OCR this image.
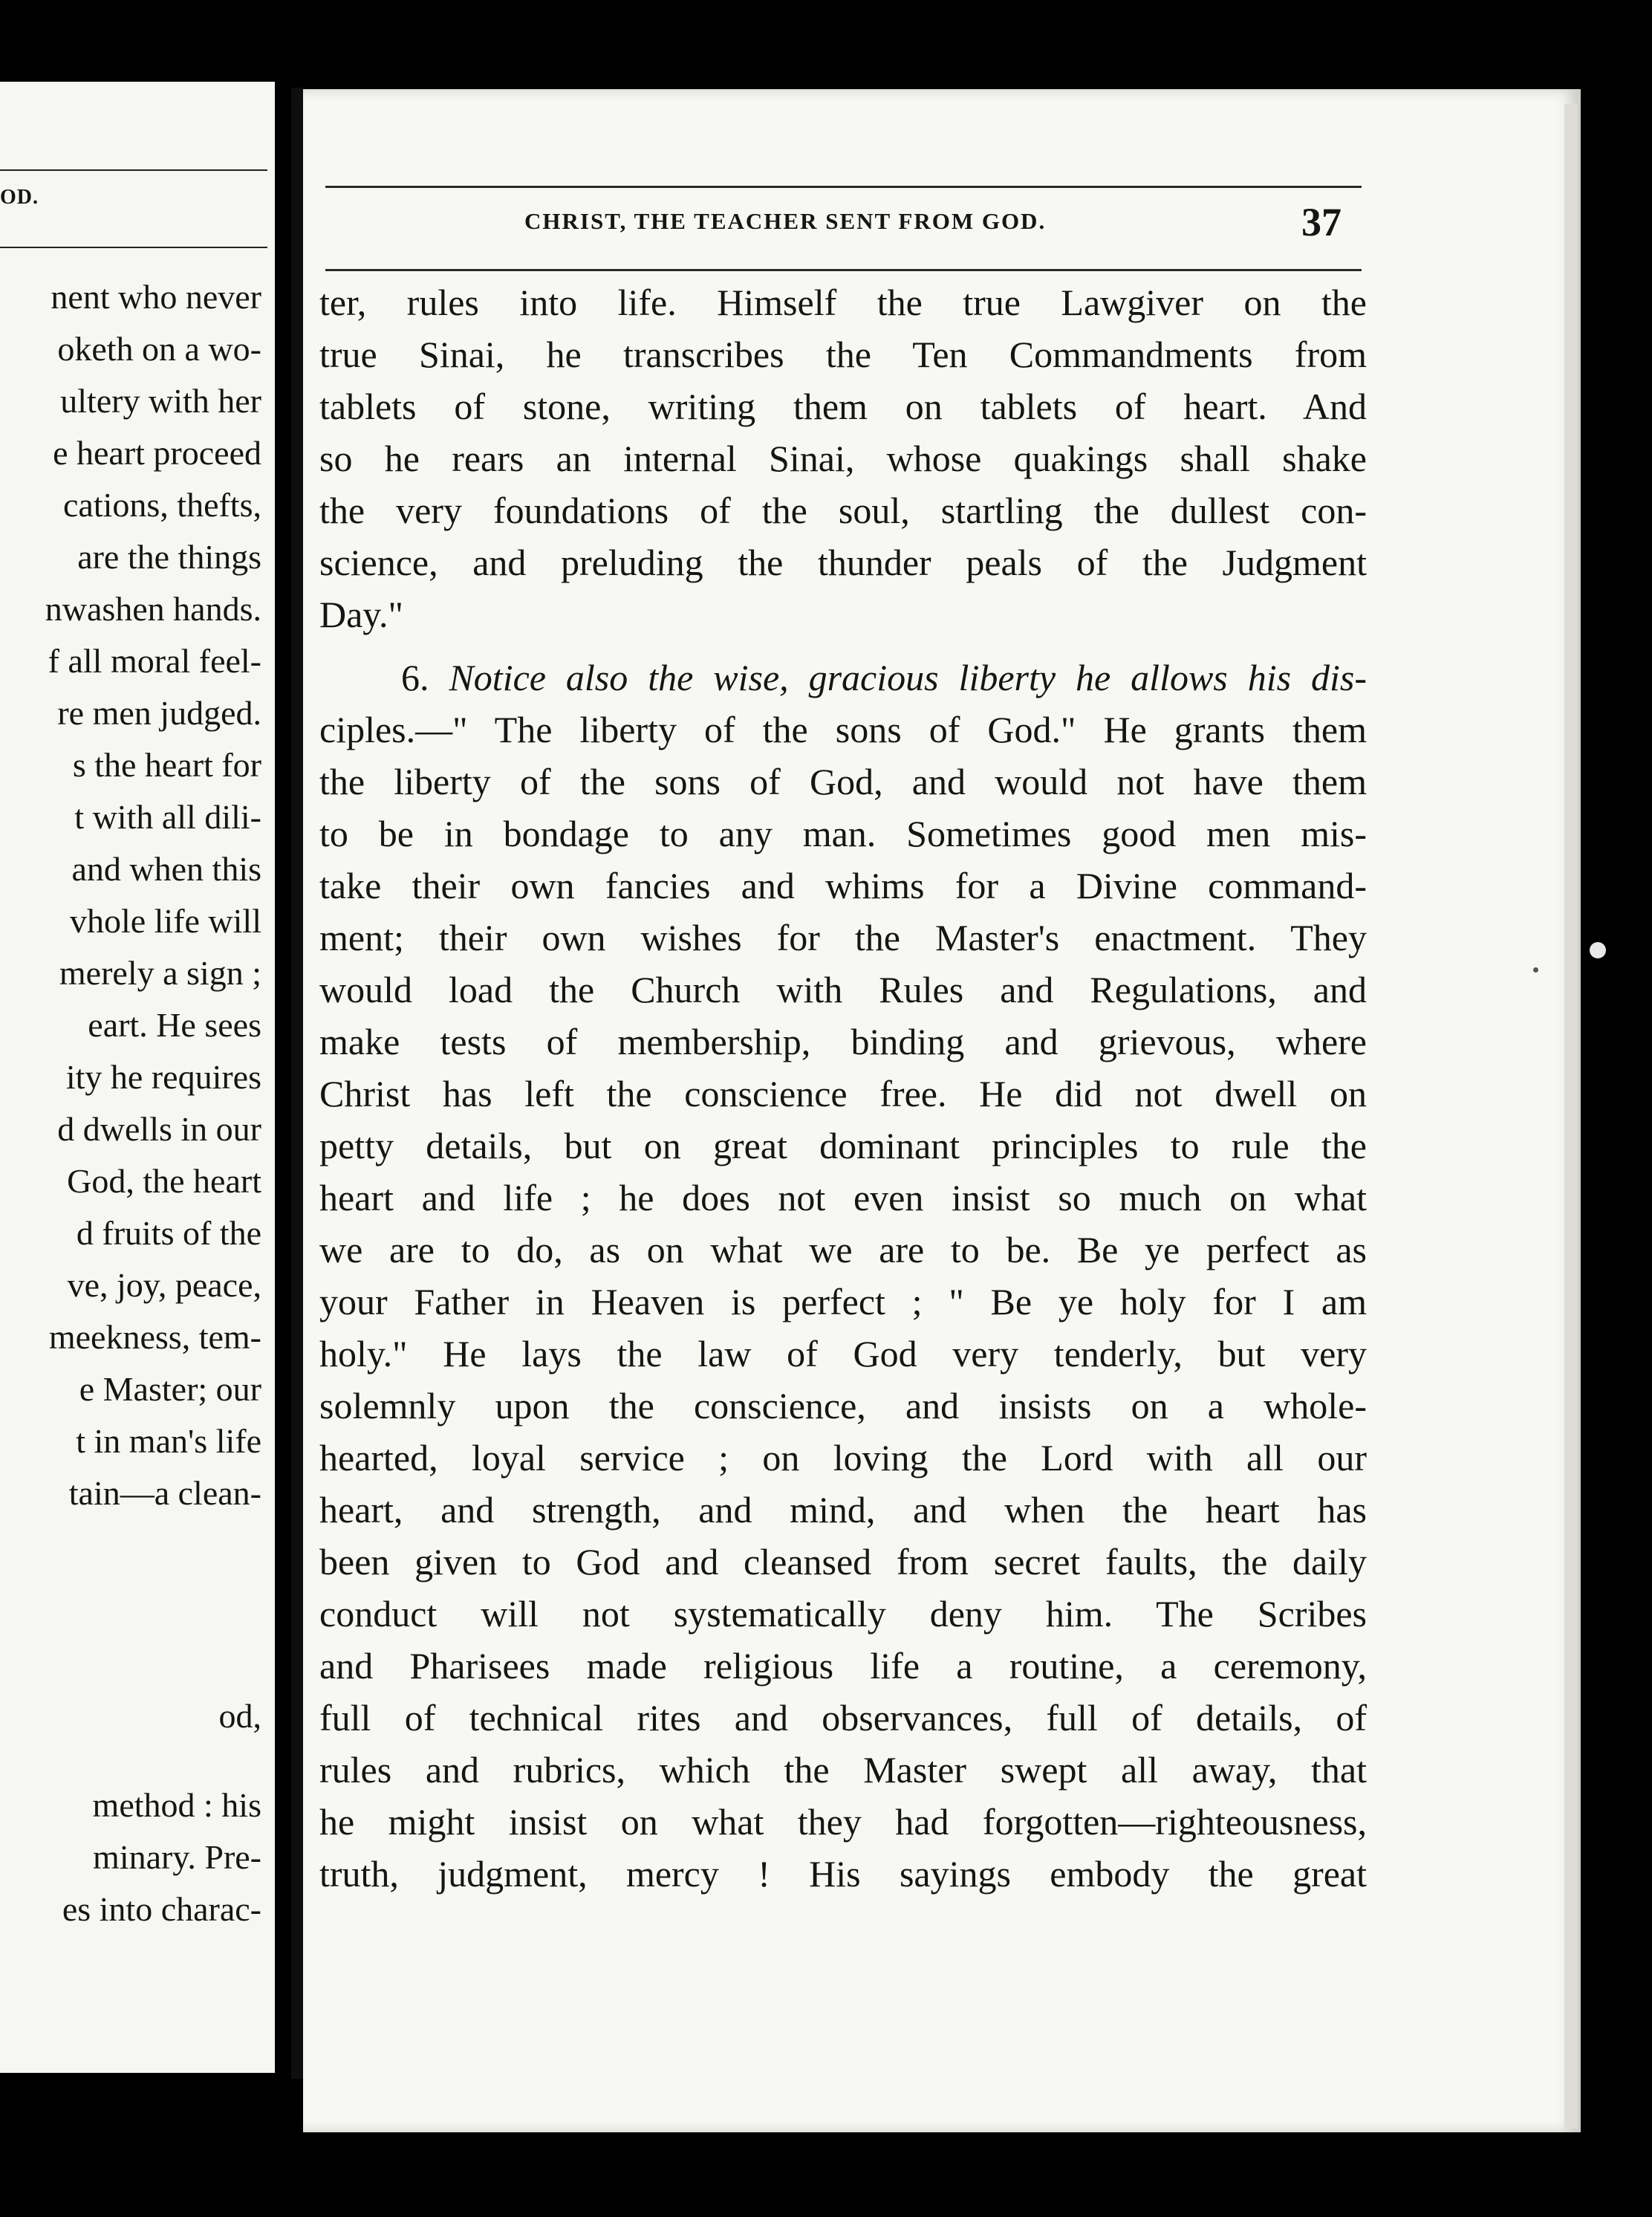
OD.
nent who never
oketh on a wo-
ultery with her
e heart proceed
cations, thefts,
are the things
nwashen hands.
f all moral feel-
re men judged.
s the heart for
t with all dili-
and when this
vhole life will
merely a sign ;
eart. He sees
ity he requires
d dwells in our
God, the heart
d fruits of the
ve, joy, peace,
meekness, tem-
e Master; our
t in man's life
tain—a clean-
od,
method : his
minary. Pre-
es into charac-
CHRIST, THE TEACHER SENT FROM GOD.	37
ter, rules into life. Himself the true Lawgiver on the
true Sinai, he transcribes the Ten Commandments from
tablets of stone, writing them on tablets of heart. And
so he rears an internal Sinai, whose quakings shall shake
the very foundations of the soul, startling the dullest con-
science, and preluding the thunder peals of the Judgment
Day."
6. Notice also the wise, gracious liberty he allows his dis-
ciples.—" The liberty of the sons of God." He grants them
the liberty of the sons of God, and would not have them
to be in bondage to any man. Sometimes good men mis-
take their own fancies and whims for a Divine command-
ment; their own wishes for the Master's enactment. They
would load the Church with Rules and Regulations, and
make tests of membership, binding and grievous, where
Christ has left the conscience free. He did not dwell on
petty details, but on great dominant principles to rule the
heart and life ; he does not even insist so much on what
we are to do, as on what we are to be. Be ye perfect as
your Father in Heaven is perfect ; " Be ye holy for I am
holy." He lays the law of God very tenderly, but very
solemnly upon the conscience, and insists on a whole-
hearted, loyal service ; on loving the Lord with all our
heart, and strength, and mind, and when the heart has
been given to God and cleansed from secret faults, the daily
conduct will not systematically deny him. The Scribes
and Pharisees made religious life a routine, a ceremony,
full of technical rites and observances, full of details, of
rules and rubrics, which the Master swept all away, that
he might insist on what they had forgotten—righteousness,
truth, judgment, mercy ! His sayings embody the great
